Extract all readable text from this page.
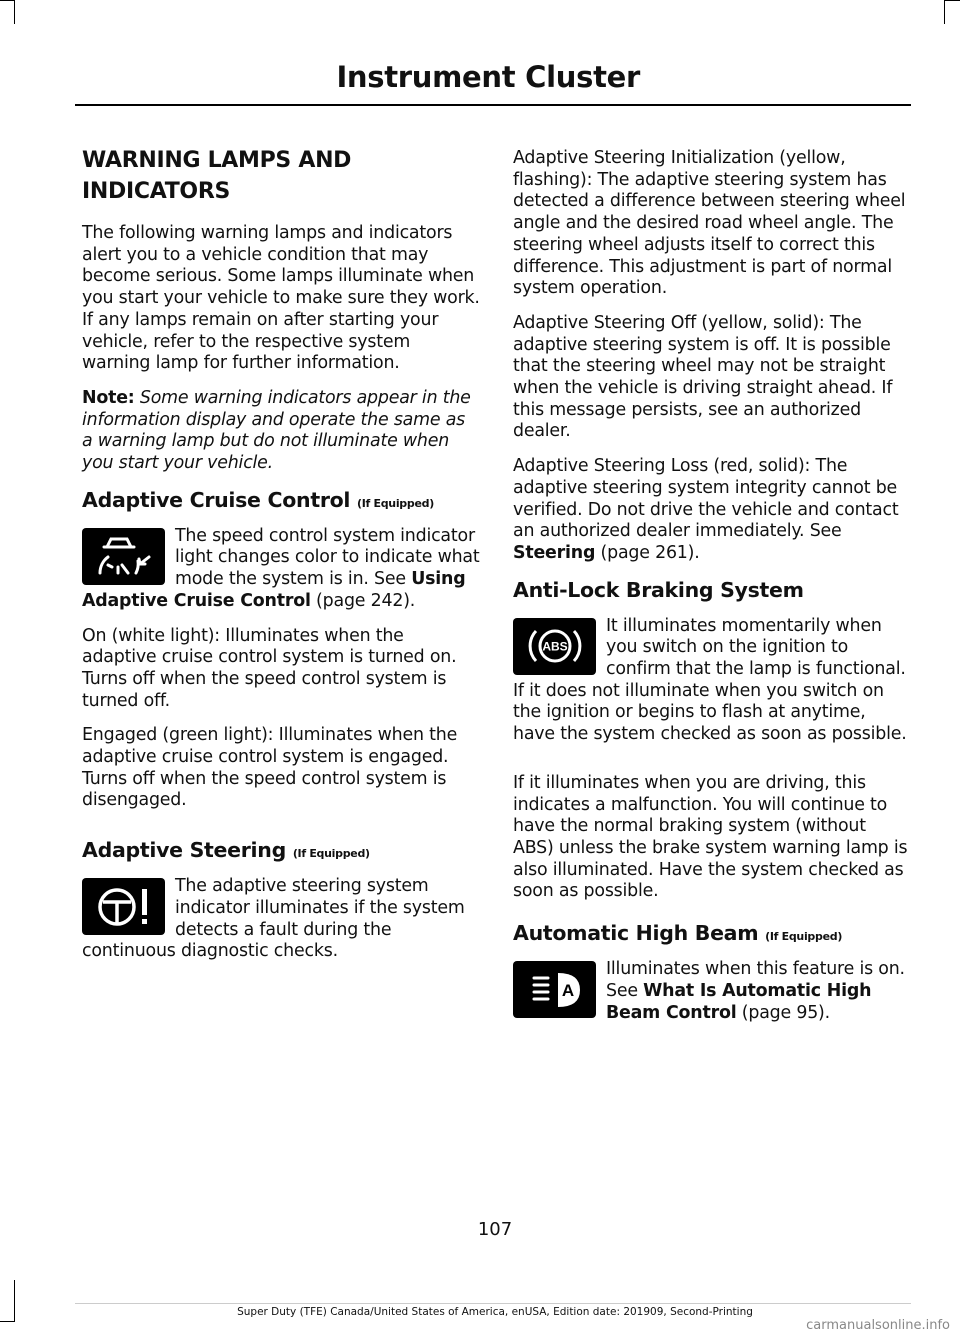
Instrument Cluster
WARNING LAMPS AND
INDICATORS

The following warning lamps and indicators alert you to a vehicle condition that may become serious. Some lamps illuminate when you start your vehicle to make sure they work. If any lamps remain on after starting your vehicle, refer to the respective system warning lamp for further information.

Note: Some warning indicators appear in the information display and operate the same as a warning lamp but do not illuminate when you start your vehicle.

Adaptive Cruise Control (If Equipped)

The speed control system indicator light changes color to indicate what mode the system is in. See Using Adaptive Cruise Control (page 242).

On (white light): Illuminates when the adaptive cruise control system is turned on. Turns off when the speed control system is turned off.

Engaged (green light): Illuminates when the adaptive cruise control system is engaged. Turns off when the speed control system is disengaged.

Adaptive Steering (If Equipped)

The adaptive steering system indicator illuminates if the system detects a fault during the continuous diagnostic checks.

Adaptive Steering Initialization (yellow, flashing): The adaptive steering system has detected a difference between steering wheel angle and the desired road wheel angle. The steering wheel adjusts itself to correct this difference. This adjustment is part of normal system operation.

Adaptive Steering Off (yellow, solid): The adaptive steering system is off. It is possible that the steering wheel may not be straight when the vehicle is driving straight ahead. If this message persists, see an authorized dealer.

Adaptive Steering Loss (red, solid): The adaptive steering system integrity cannot be verified. Do not drive the vehicle and contact an authorized dealer immediately. See Steering (page 261).

Anti-Lock Braking System
ABS

It illuminates momentarily when you switch on the ignition to confirm that the lamp is functional. If it does not illuminate when you switch on the ignition or begins to flash at anytime, have the system checked as soon as possible.

If it illuminates when you are driving, this indicates a malfunction. You will continue to have the normal braking system (without ABS) unless the brake system warning lamp is also illuminated. Have the system checked as soon as possible.

Automatic High Beam (If Equipped)
A

Illuminates when this feature is on. See What Is Automatic High Beam Control (page 95).

107
Super Duty (TFE) Canada/United States of America, enUSA, Edition date: 201909, Second-Printing
carmanualsonline.info
